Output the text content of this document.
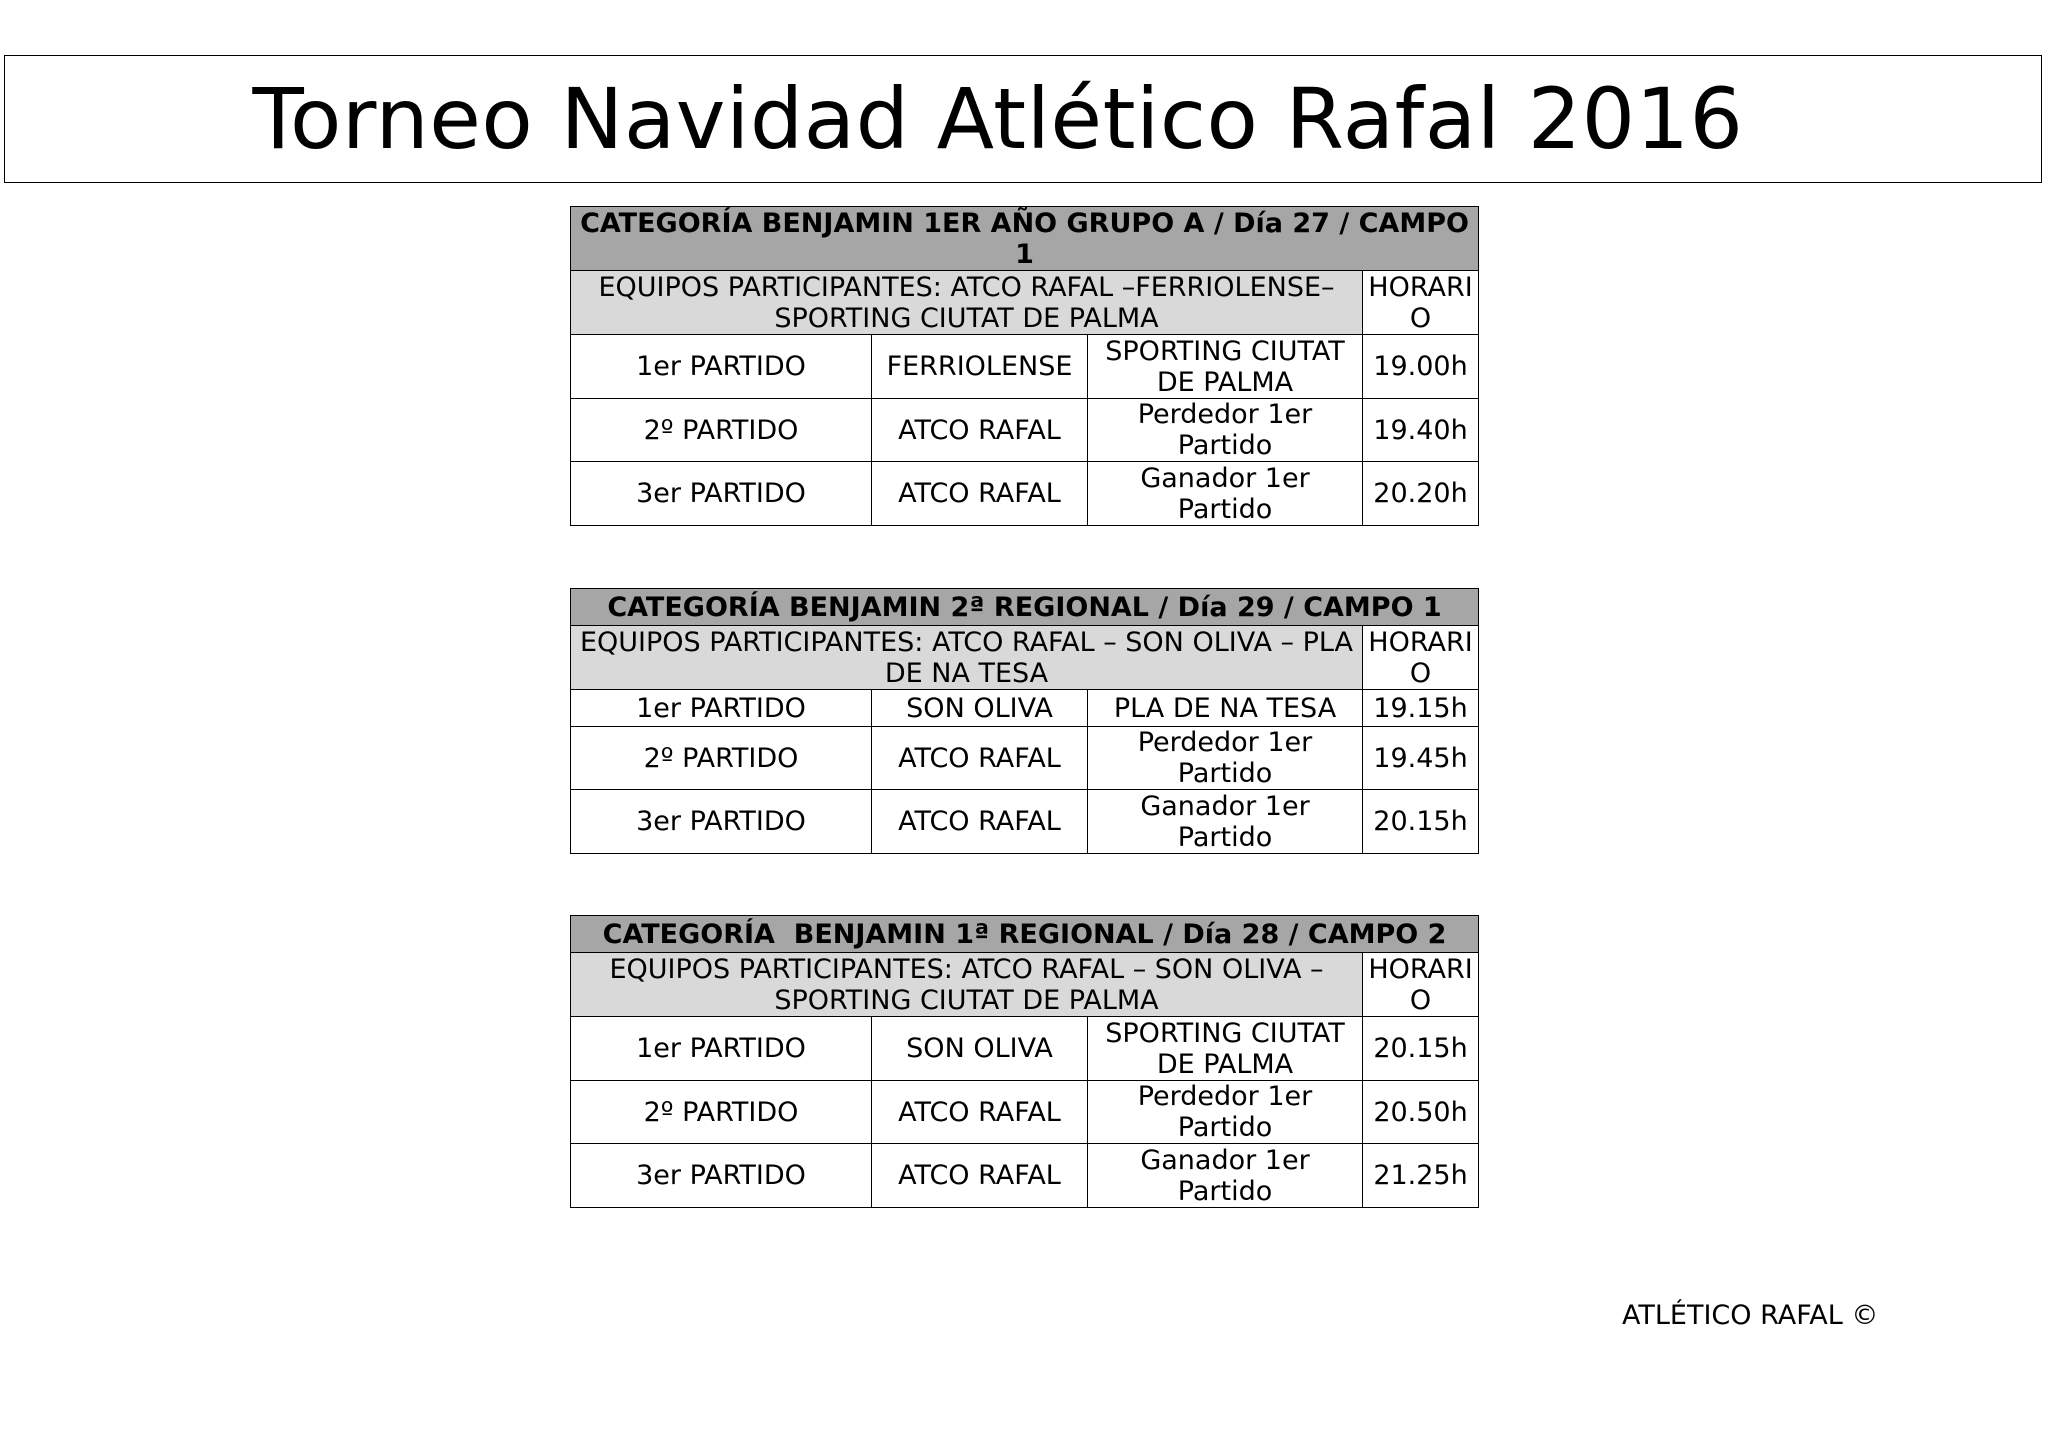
Torneo Navidad Atlético Rafal 2016
CATEGORÍA BENJAMIN 1ER AÑO GRUPO A / Día 27 / CAMPO 1			
EQUIPOS PARTICIPANTES: ATCO RAFAL –FERRIOLENSE–SPORTING CIUTAT DE PALMA			HORARIO
1er PARTIDO	FERRIOLENSE	SPORTING CIUTAT DE PALMA	19.00h
2º PARTIDO	ATCO RAFAL	Perdedor 1er Partido	19.40h
3er PARTIDO	ATCO RAFAL	Ganador 1er Partido	20.20h
CATEGORÍA BENJAMIN 2ª REGIONAL / Día 29 / CAMPO 1			
EQUIPOS PARTICIPANTES: ATCO RAFAL – SON OLIVA – PLA DE NA TESA			HORARIO
1er PARTIDO	SON OLIVA	PLA DE NA TESA	19.15h
2º PARTIDO	ATCO RAFAL	Perdedor 1er Partido	19.45h
3er PARTIDO	ATCO RAFAL	Ganador 1er Partido	20.15h
CATEGORÍA  BENJAMIN 1ª REGIONAL / Día 28 / CAMPO 2			
EQUIPOS PARTICIPANTES: ATCO RAFAL – SON OLIVA – SPORTING CIUTAT DE PALMA			HORARIO
1er PARTIDO	SON OLIVA	SPORTING CIUTAT DE PALMA	20.15h
2º PARTIDO	ATCO RAFAL	Perdedor 1er Partido	20.50h
3er PARTIDO	ATCO RAFAL	Ganador 1er Partido	21.25h
ATLÉTICO RAFAL ©
